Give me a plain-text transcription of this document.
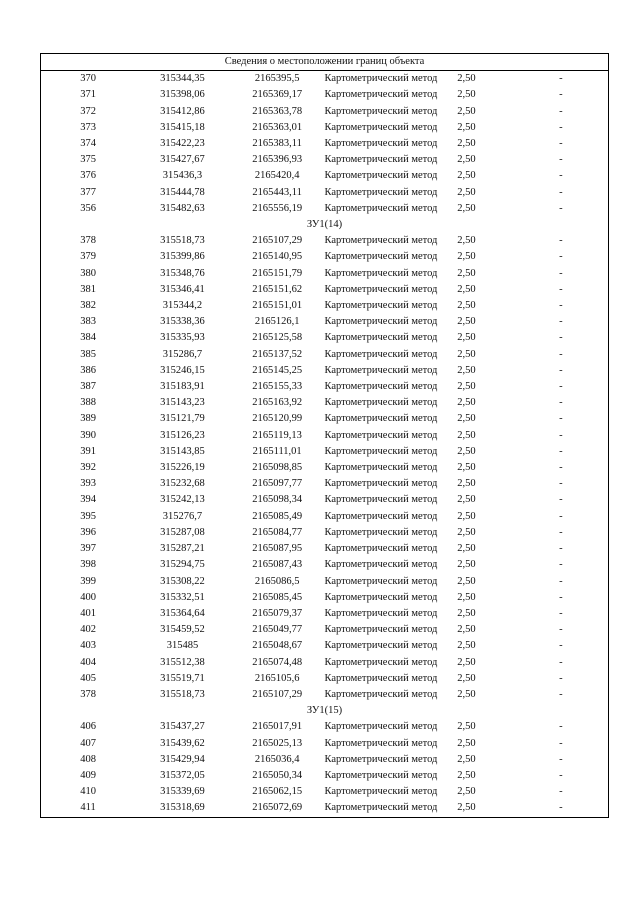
Сведения о местоположении границ объекта					
370	315344,35	2165395,5	Картометрический метод	2,50	-
371	315398,06	2165369,17	Картометрический метод	2,50	-
372	315412,86	2165363,78	Картометрический метод	2,50	-
373	315415,18	2165363,01	Картометрический метод	2,50	-
374	315422,23	2165383,11	Картометрический метод	2,50	-
375	315427,67	2165396,93	Картометрический метод	2,50	-
376	315436,3	2165420,4	Картометрический метод	2,50	-
377	315444,78	2165443,11	Картометрический метод	2,50	-
356	315482,63	2165556,19	Картометрический метод	2,50	-
ЗУ1(14)					
378	315518,73	2165107,29	Картометрический метод	2,50	-
379	315399,86	2165140,95	Картометрический метод	2,50	-
380	315348,76	2165151,79	Картометрический метод	2,50	-
381	315346,41	2165151,62	Картометрический метод	2,50	-
382	315344,2	2165151,01	Картометрический метод	2,50	-
383	315338,36	2165126,1	Картометрический метод	2,50	-
384	315335,93	2165125,58	Картометрический метод	2,50	-
385	315286,7	2165137,52	Картометрический метод	2,50	-
386	315246,15	2165145,25	Картометрический метод	2,50	-
387	315183,91	2165155,33	Картометрический метод	2,50	-
388	315143,23	2165163,92	Картометрический метод	2,50	-
389	315121,79	2165120,99	Картометрический метод	2,50	-
390	315126,23	2165119,13	Картометрический метод	2,50	-
391	315143,85	2165111,01	Картометрический метод	2,50	-
392	315226,19	2165098,85	Картометрический метод	2,50	-
393	315232,68	2165097,77	Картометрический метод	2,50	-
394	315242,13	2165098,34	Картометрический метод	2,50	-
395	315276,7	2165085,49	Картометрический метод	2,50	-
396	315287,08	2165084,77	Картометрический метод	2,50	-
397	315287,21	2165087,95	Картометрический метод	2,50	-
398	315294,75	2165087,43	Картометрический метод	2,50	-
399	315308,22	2165086,5	Картометрический метод	2,50	-
400	315332,51	2165085,45	Картометрический метод	2,50	-
401	315364,64	2165079,37	Картометрический метод	2,50	-
402	315459,52	2165049,77	Картометрический метод	2,50	-
403	315485	2165048,67	Картометрический метод	2,50	-
404	315512,38	2165074,48	Картометрический метод	2,50	-
405	315519,71	2165105,6	Картометрический метод	2,50	-
378	315518,73	2165107,29	Картометрический метод	2,50	-
ЗУ1(15)					
406	315437,27	2165017,91	Картометрический метод	2,50	-
407	315439,62	2165025,13	Картометрический метод	2,50	-
408	315429,94	2165036,4	Картометрический метод	2,50	-
409	315372,05	2165050,34	Картометрический метод	2,50	-
410	315339,69	2165062,15	Картометрический метод	2,50	-
411	315318,69	2165072,69	Картометрический метод	2,50	-
